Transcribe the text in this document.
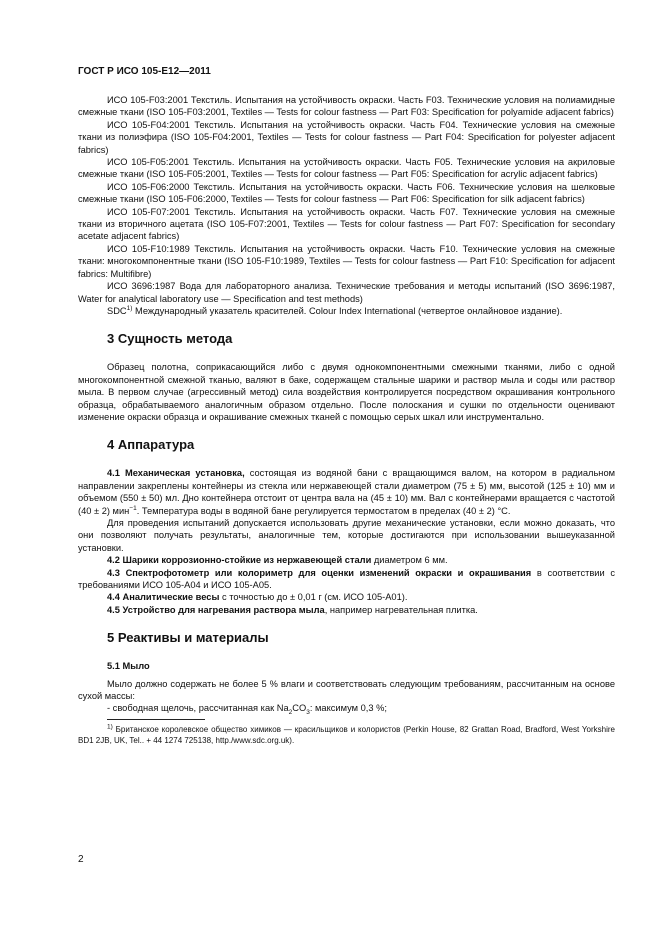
ГОСТ Р ИСО 105-E12—2011

ИСО 105-F03:2001 Текстиль. Испытания на устойчивость окраски. Часть F03. Технические условия на полиамидные смежные ткани (ISO 105-F03:2001, Textiles — Tests for colour fastness — Part F03: Specification for polyamide adjacent fabrics)

ИСО 105-F04:2001 Текстиль. Испытания на устойчивость окраски. Часть F04. Технические условия на смежные ткани из полиэфира (ISO 105-F04:2001, Textiles — Tests for colour fastness — Part F04: Specification for polyester adjacent fabrics)

ИСО 105-F05:2001 Текстиль. Испытания на устойчивость окраски. Часть F05. Технические условия на акриловые смежные ткани (ISO 105-F05:2001, Textiles — Tests for colour fastness — Part F05: Specification for acrylic adjacent fabrics)

ИСО 105-F06:2000 Текстиль. Испытания на устойчивость окраски. Часть F06. Технические условия на шелковые смежные ткани (ISO 105-F06:2000, Textiles — Tests for colour fastness — Part F06: Specification for silk adjacent fabrics)

ИСО 105-F07:2001 Текстиль. Испытания на устойчивость окраски. Часть F07. Технические условия на смежные ткани из вторичного ацетата (ISO 105-F07:2001, Textiles — Tests for colour fastness — Part F07: Specification for secondary acetate adjacent fabrics)

ИСО 105-F10:1989 Текстиль. Испытания на устойчивость окраски. Часть F10. Технические условия на смежные ткани: многокомпонентные ткани (ISO 105-F10:1989, Textiles — Tests for colour fastness — Part F10: Specification for adjacent fabrics: Multifibre)

ИСО 3696:1987 Вода для лабораторного анализа. Технические требования и методы испытаний (ISO 3696:1987, Water for analytical laboratory use — Specification and test methods)

SDC$^{1)}$ Международный указатель красителей. Colour Index International (четвертое онлайновое издание).

3 Сущность метода

Образец полотна, соприкасающийся либо с двумя однокомпонентными смежными тканями, либо с одной многокомпонентной смежной тканью, валяют в баке, содержащем стальные шарики и раствор мыла и соды или раствор мыла. В первом случае (агрессивный метод) сила воздействия контролируется посредством окрашивания контрольного образца, обрабатываемого аналогичным образом отдельно. После полоскания и сушки по отдельности оценивают изменение окраски образца и окрашивание смежных тканей с помощью серых шкал или инструментально.

4 Аппаратура

4.1 Механическая установка, состоящая из водяной бани с вращающимся валом, на котором в радиальном направлении закреплены контейнеры из стекла или нержавеющей стали диаметром (75 ± 5) мм, высотой (125 ± 10) мм и объемом (550 ± 50) мл. Дно контейнера отстоит от центра вала на (45 ± 10) мм. Вал с контейнерами вращается с частотой (40 ± 2) мин$^{-1}$. Температура воды в водяной бане регулируется термостатом в пределах (40 ± 2) °С.

Для проведения испытаний допускается использовать другие механические установки, если можно доказать, что они позволяют получать результаты, аналогичные тем, которые достигаются при использовании вышеуказанной установки.

4.2 Шарики коррозионно-стойкие из нержавеющей стали диаметром 6 мм.

4.3 Спектрофотометр или колориметр для оценки изменений окраски и окрашивания в соответствии с требованиями ИСО 105-A04 и ИСО 105-A05.

4.4 Аналитические весы с точностью до ± 0,01 г (см. ИСО 105-A01).

4.5 Устройство для нагревания раствора мыла, например нагревательная плитка.

5 Реактивы и материалы
5.1 Мыло

Мыло должно содержать не более 5 % влаги и соответствовать следующим требованиям, рассчитанным на основе сухой массы:

- свободная щелочь, рассчитанная как $Na_2CO_3$: максимум 0,3 %;

$^{1)}$ Британское королевское общество химиков — красильщиков и колористов (Perkin House, 82 Grattan Road, Bradford, West Yorkshire BD1 2JB, UK, Tel.. + 44 1274 725138, http./www.sdc.org.uk).

2
